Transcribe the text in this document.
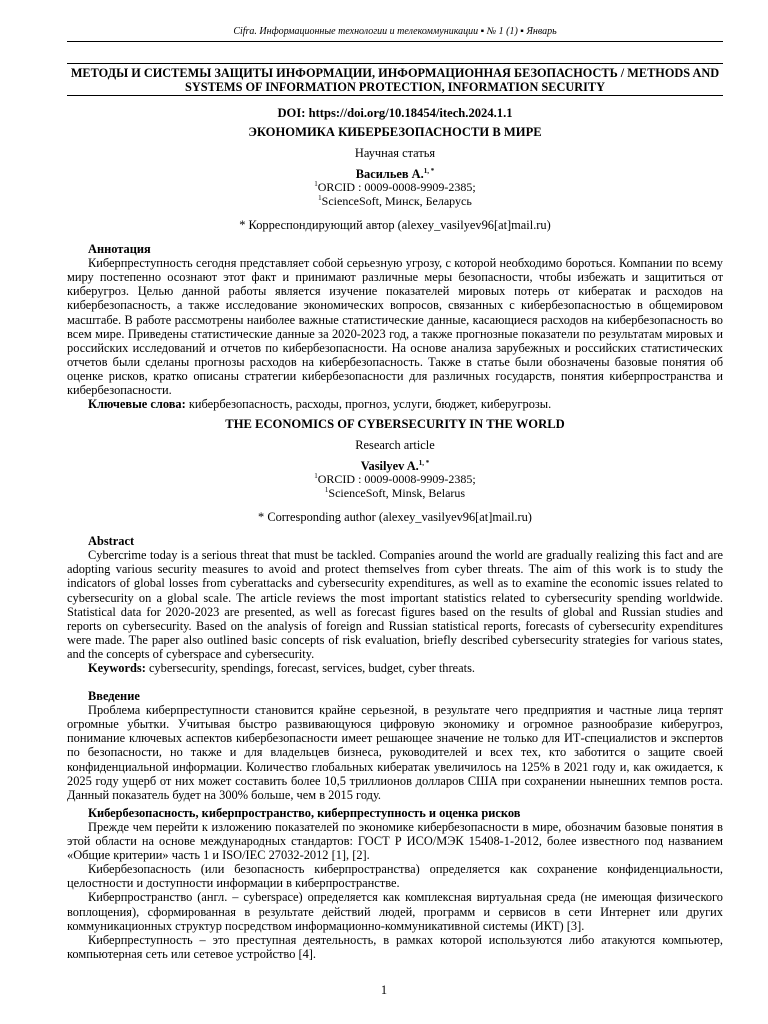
Cifra. Информационные технологии и телекоммуникации ▪ № 1 (1) ▪ Январь
МЕТОДЫ И СИСТЕМЫ ЗАЩИТЫ ИНФОРМАЦИИ, ИНФОРМАЦИОННАЯ БЕЗОПАСНОСТЬ / METHODS AND SYSTEMS OF INFORMATION PROTECTION, INFORMATION SECURITY
DOI: https://doi.org/10.18454/itech.2024.1.1
ЭКОНОМИКА КИБЕРБЕЗОПАСНОСТИ В МИРЕ
Научная статья
Васильев А.$^{1, *}$
$^1$ORCID : 0009-0008-9909-2385;
$^1$ScienceSoft, Минск, Беларусь
* Корреспондирующий автор (alexey_vasilyev96[at]mail.ru)
Аннотация

Киберпреступность сегодня представляет собой серьезную угрозу, с которой необходимо бороться. Компании по всему миру постепенно осознают этот факт и принимают различные меры безопасности, чтобы избежать и защититься от киберугроз. Целью данной работы является изучение показателей мировых потерь от кибератак и расходов на кибербезопасность, а также исследование экономических вопросов, связанных с кибербезопасностью в общемировом масштабе. В работе рассмотрены наиболее важные статистические данные, касающиеся расходов на кибербезопасность во всем мире. Приведены статистические данные за 2020-2023 год, а также прогнозные показатели по результатам мировых и российских исследований и отчетов по кибербезопасности. На основе анализа зарубежных и российских статистических отчетов были сделаны прогнозы расходов на кибербезопасность. Также в статье были обозначены базовые понятия об оценке рисков, кратко описаны стратегии кибербезопасности для различных государств, понятия киберпространства и кибербезопасности.

Ключевые слова: кибербезопасность, расходы, прогноз, услуги, бюджет, киберугрозы.
THE ECONOMICS OF CYBERSECURITY IN THE WORLD
Research article
Vasilyev A.$^{1, *}$
$^1$ORCID : 0009-0008-9909-2385;
$^1$ScienceSoft, Minsk, Belarus
* Corresponding author (alexey_vasilyev96[at]mail.ru)
Abstract

Cybercrime today is a serious threat that must be tackled. Companies around the world are gradually realizing this fact and are adopting various security measures to avoid and protect themselves from cyber threats. The aim of this work is to study the indicators of global losses from cyberattacks and cybersecurity expenditures, as well as to examine the economic issues related to cybersecurity on a global scale. The article reviews the most important statistics related to cybersecurity spending worldwide. Statistical data for 2020-2023 are presented, as well as forecast figures based on the results of global and Russian studies and reports on cybersecurity. Based on the analysis of foreign and Russian statistical reports, forecasts of cybersecurity expenditures were made. The paper also outlined basic concepts of risk evaluation, briefly described cybersecurity strategies for various states, and the concepts of cyberspace and cybersecurity.

Keywords: cybersecurity, spendings, forecast, services, budget, cyber threats.
Введение

Проблема киберпреступности становится крайне серьезной, в результате чего предприятия и частные лица терпят огромные убытки. Учитывая быстро развивающуюся цифровую экономику и огромное разнообразие киберугроз, понимание ключевых аспектов кибербезопасности имеет решающее значение не только для ИТ-специалистов и экспертов по безопасности, но также и для владельцев бизнеса, руководителей и всех тех, кто заботится о защите своей конфиденциальной информации. Количество глобальных кибератак увеличилось на 125% в 2021 году и, как ожидается, к 2025 году ущерб от них может составить более 10,5 триллионов долларов США при сохранении нынешних темпов роста. Данный показатель будет на 300% больше, чем в 2015 году.

Кибербезопасность, киберпространство, киберпреступность и оценка рисков

Прежде чем перейти к изложению показателей по экономике кибербезопасности в мире, обозначим базовые понятия в этой области на основе международных стандартов: ГОСТ Р ИСО/МЭК 15408-1-2012, более известного под названием «Общие критерии» часть 1 и ISO/IEC 27032-2012 [1], [2].

Кибербезопасность (или безопасность киберпространства) определяется как сохранение конфиденциальности, целостности и доступности информации в киберпространстве.

Киберпространство (англ. – cyberspace) определяется как комплексная виртуальная среда (не имеющая физического воплощения), сформированная в результате действий людей, программ и сервисов в сети Интернет или других коммуникационных структур посредством информационно-коммуникативной системы (ИКТ) [3].

Киберпреступность – это преступная деятельность, в рамках которой используются либо атакуются компьютер, компьютерная сеть или сетевое устройство [4].

1
